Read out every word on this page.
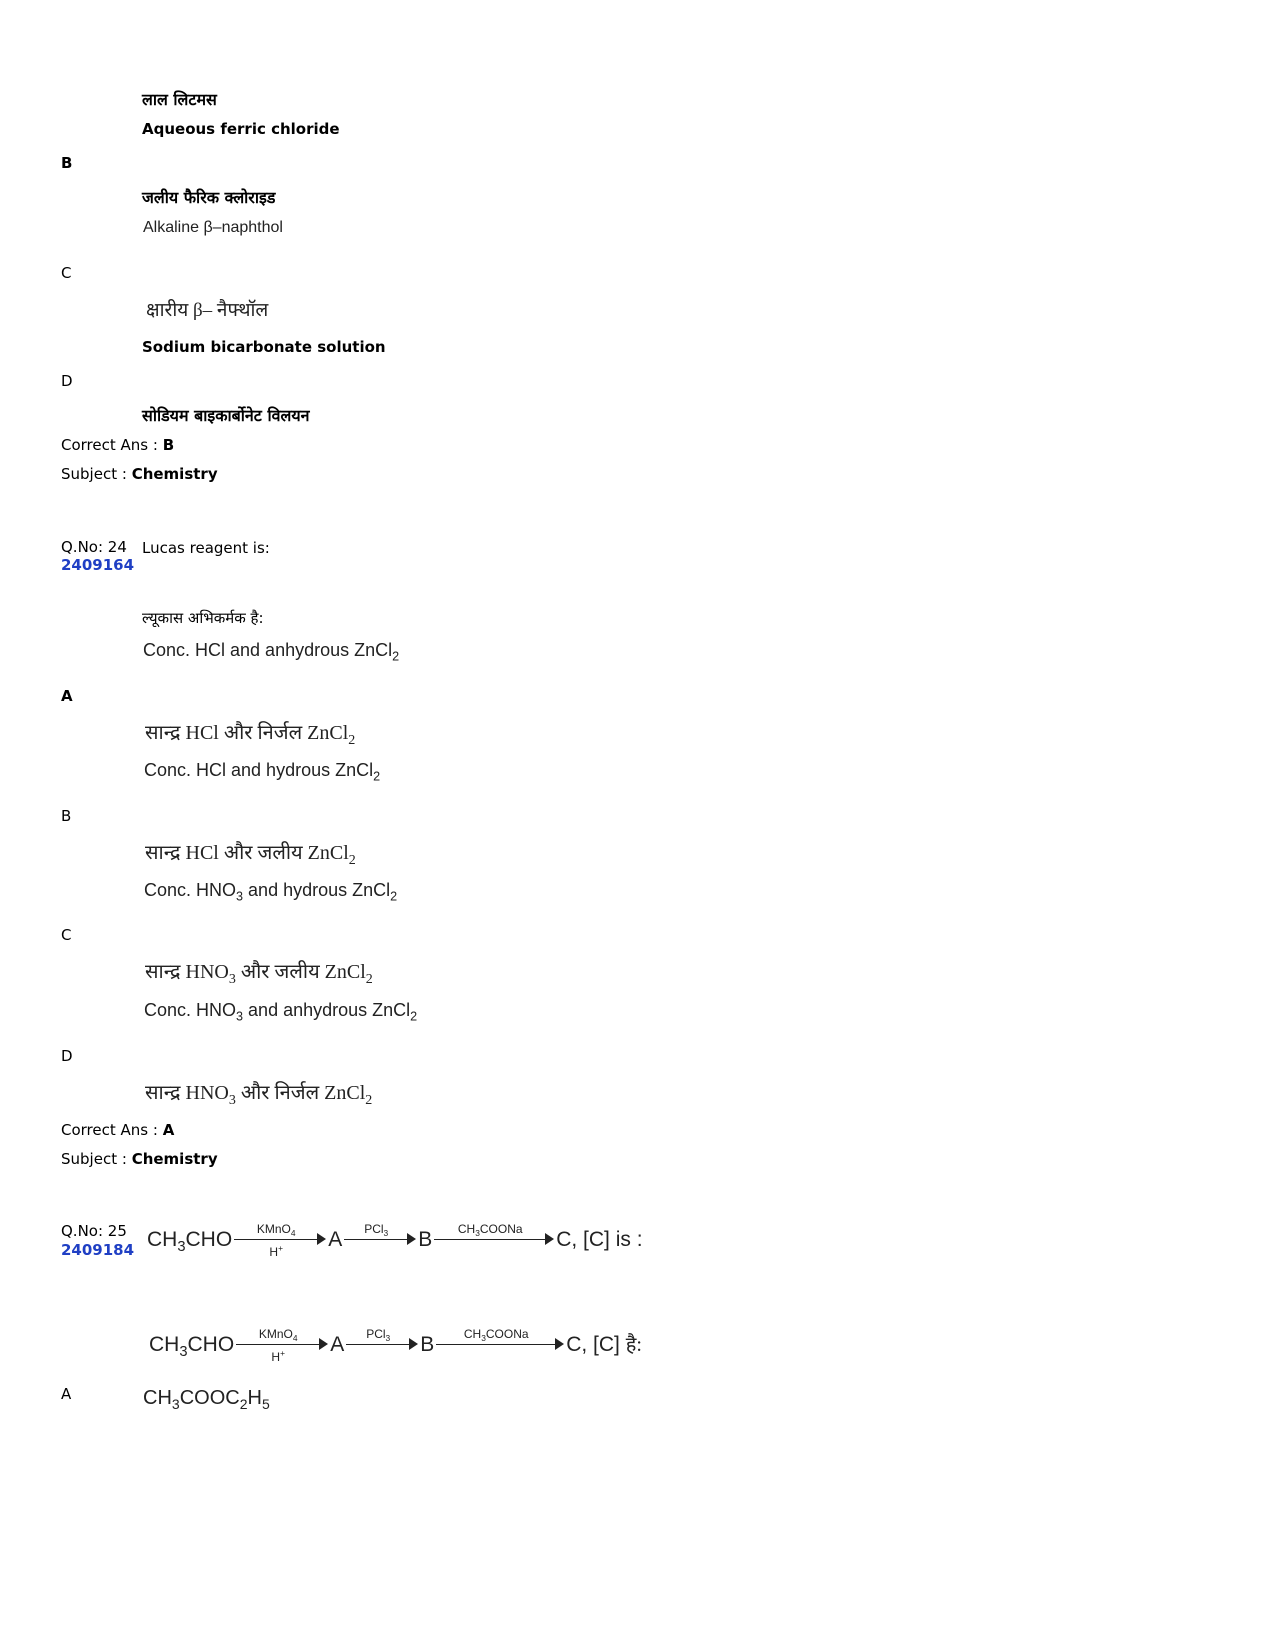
लाल लिटमस
Aqueous ferric chloride
B
जलीय फैरिक क्लोराइड
Alkaline β–naphthol
C
क्षारीय β– नैफ्थॉल
Sodium bicarbonate solution
D
सोडियम बाइकार्बोनेट विलयन
Correct Ans : B
Subject : Chemistry
Q.No: 24
2409164
Lucas reagent is:
ल्यूकास अभिकर्मक है:
Conc. HCl and anhydrous ZnCl$_2$
A
सान्द्र HCl और निर्जल ZnCl$_2$
Conc. HCl and hydrous ZnCl$_2$
B
सान्द्र HCl और जलीय ZnCl$_2$
Conc. $HNO_3$ and hydrous ZnCl$_2$
C
सान्द्र $HNO_3$ और जलीय ZnCl$_2$
Conc. $HNO_3$ and anhydrous ZnCl$_2$
D
सान्द्र $HNO_3$ और निर्जल ZnCl$_2$
Correct Ans : A
Subject : Chemistry
Q.No: 25
2409184 $CH_3CHO$	KMnO$_4$
H+	A	PCl$_3$	B	$CH_3COONa$	C, [C] is :
$CH_3CHO$	KMnO$_4$
H+	A	PCl$_3$	B	$CH_3COONa$	C, [C] है:
A	$CH_3COOC_2H_5$
